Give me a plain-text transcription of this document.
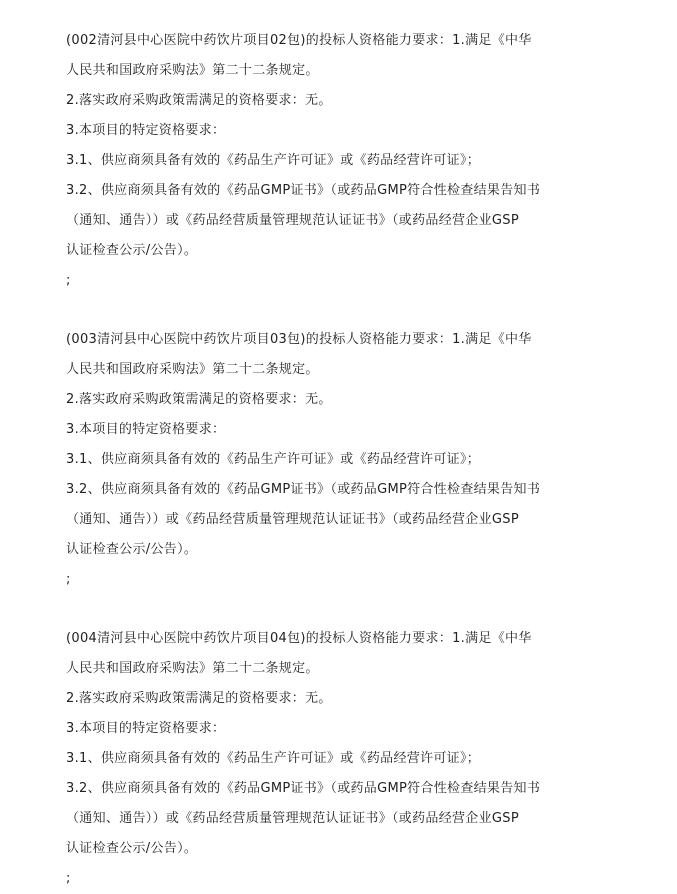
(002清河县中心医院中药饮片项目02包)的投标人资格能力要求：1.满足《中华
人民共和国政府采购法》第二十二条规定。
2.落实政府采购政策需满足的资格要求：无。
3.本项目的特定资格要求：
3.1、供应商须具备有效的《药品生产许可证》或《药品经营许可证》；
3.2、供应商须具备有效的《药品GMP证书》（或药品GMP符合性检查结果告知书
（通知、通告））或《药品经营质量管理规范认证证书》（或药品经营企业GSP
认证检查公示/公告）。
;
(003清河县中心医院中药饮片项目03包)的投标人资格能力要求：1.满足《中华
人民共和国政府采购法》第二十二条规定。
2.落实政府采购政策需满足的资格要求：无。
3.本项目的特定资格要求：
3.1、供应商须具备有效的《药品生产许可证》或《药品经营许可证》；
3.2、供应商须具备有效的《药品GMP证书》（或药品GMP符合性检查结果告知书
（通知、通告））或《药品经营质量管理规范认证证书》（或药品经营企业GSP
认证检查公示/公告）。
;
(004清河县中心医院中药饮片项目04包)的投标人资格能力要求：1.满足《中华
人民共和国政府采购法》第二十二条规定。
2.落实政府采购政策需满足的资格要求：无。
3.本项目的特定资格要求：
3.1、供应商须具备有效的《药品生产许可证》或《药品经营许可证》；
3.2、供应商须具备有效的《药品GMP证书》（或药品GMP符合性检查结果告知书
（通知、通告））或《药品经营质量管理规范认证证书》（或药品经营企业GSP
认证检查公示/公告）。
;
